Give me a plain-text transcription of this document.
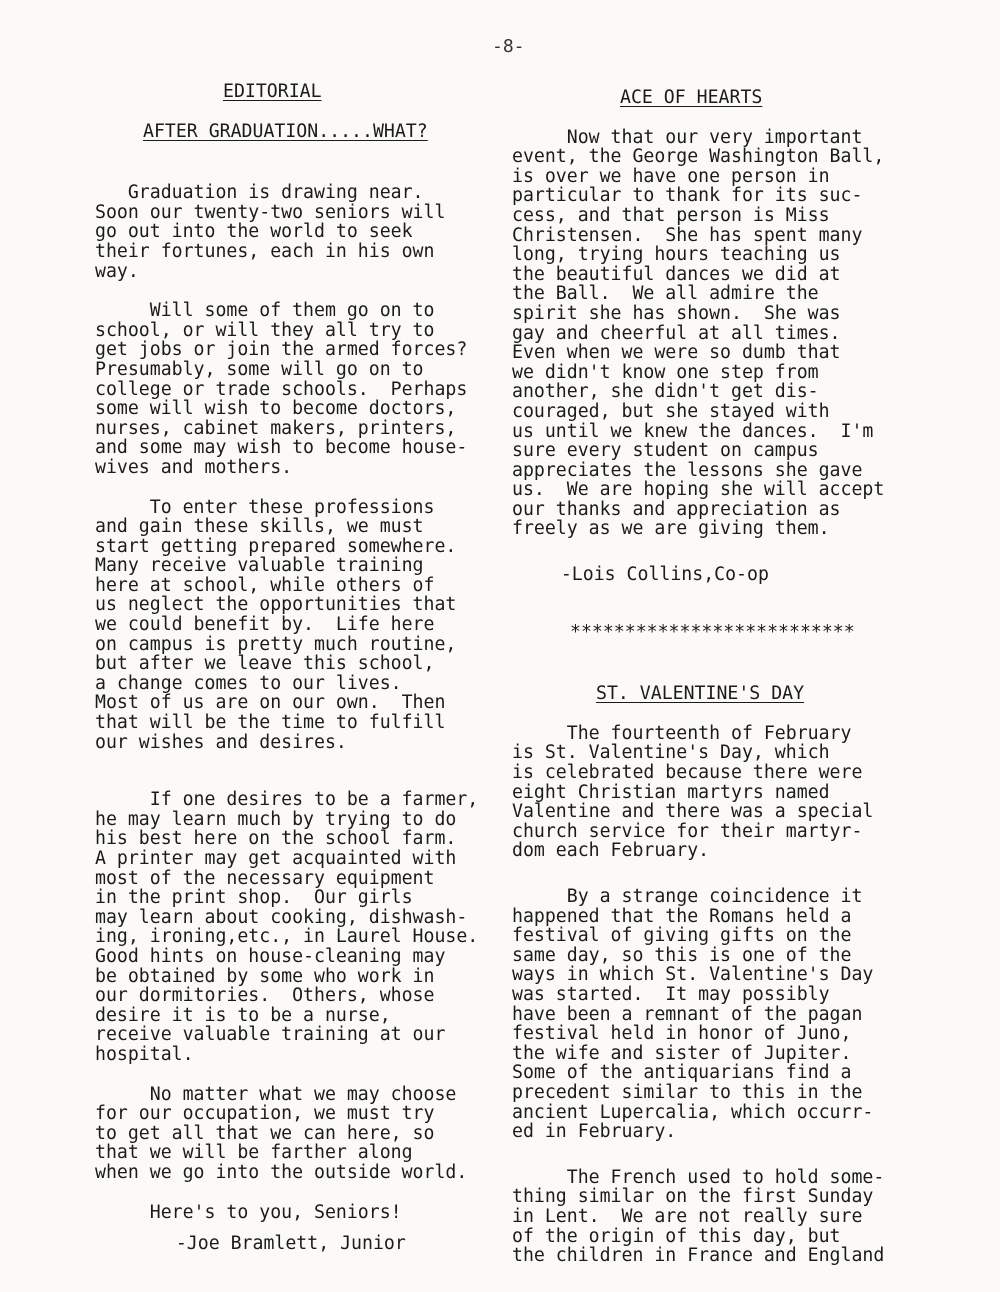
-8-

EDITORIAL

AFTER GRADUATION.....WHAT?

Graduation is drawing near.

Soon our twenty-two seniors will

go out into the world to seek

their fortunes, each in his own

way.

Will some of them go on to

school, or will they all try to

get jobs or join the armed forces?

Presumably, some will go on to

college or trade schools.  Perhaps

some will wish to become doctors,

nurses, cabinet makers, printers,

and some may wish to become house-

wives and mothers.

To enter these professions

and gain these skills, we must

start getting prepared somewhere.

Many receive valuable training

here at school, while others of

us neglect the opportunities that

we could benefit by.  Life here

on campus is pretty much routine,

but after we leave this school,

a change comes to our lives.

Most of us are on our own.  Then

that will be the time to fulfill

our wishes and desires.

If one desires to be a farmer,

he may learn much by trying to do

his best here on the school farm.

A printer may get acquainted with

most of the necessary equipment

in the print shop.  Our girls

may learn about cooking, dishwash-

ing, ironing,etc., in Laurel House.

Good hints on house-cleaning may

be obtained by some who work in

our dormitories.  Others, whose

desire it is to be a nurse,

receive valuable training at our

hospital.

No matter what we may choose

for our occupation, we must try

to get all that we can here, so

that we will be farther along

when we go into the outside world.

Here's to you, Seniors!

-Joe Bramlett, Junior

ACE OF HEARTS

Now that our very important

event, the George Washington Ball,

is over we have one person in

particular to thank for its suc-

cess, and that person is Miss

Christensen.  She has spent many

long, trying hours teaching us

the beautiful dances we did at

the Ball.  We all admire the

spirit she has shown.  She was

gay and cheerful at all times.

Even when we were so dumb that

we didn't know one step from

another, she didn't get dis-

couraged, but she stayed with

us until we knew the dances.  I'm

sure every student on campus

appreciates the lessons she gave

us.  We are hoping she will accept

our thanks and appreciation as

freely as we are giving them.

-Lois Collins,Co-op

**************************

ST. VALENTINE'S DAY

The fourteenth of February

is St. Valentine's Day, which

is celebrated because there were

eight Christian martyrs named

Valentine and there was a special

church service for their martyr-

dom each February.

By a strange coincidence it

happened that the Romans held a

festival of giving gifts on the

same day, so this is one of the

ways in which St. Valentine's Day

was started.  It may possibly

have been a remnant of the pagan

festival held in honor of Juno,

the wife and sister of Jupiter.

Some of the antiquarians find a

precedent similar to this in the

ancient Lupercalia, which occurr-

ed in February.

The French used to hold some-

thing similar on the first Sunday

in Lent.  We are not really sure

of the origin of this day, but

the children in France and England
